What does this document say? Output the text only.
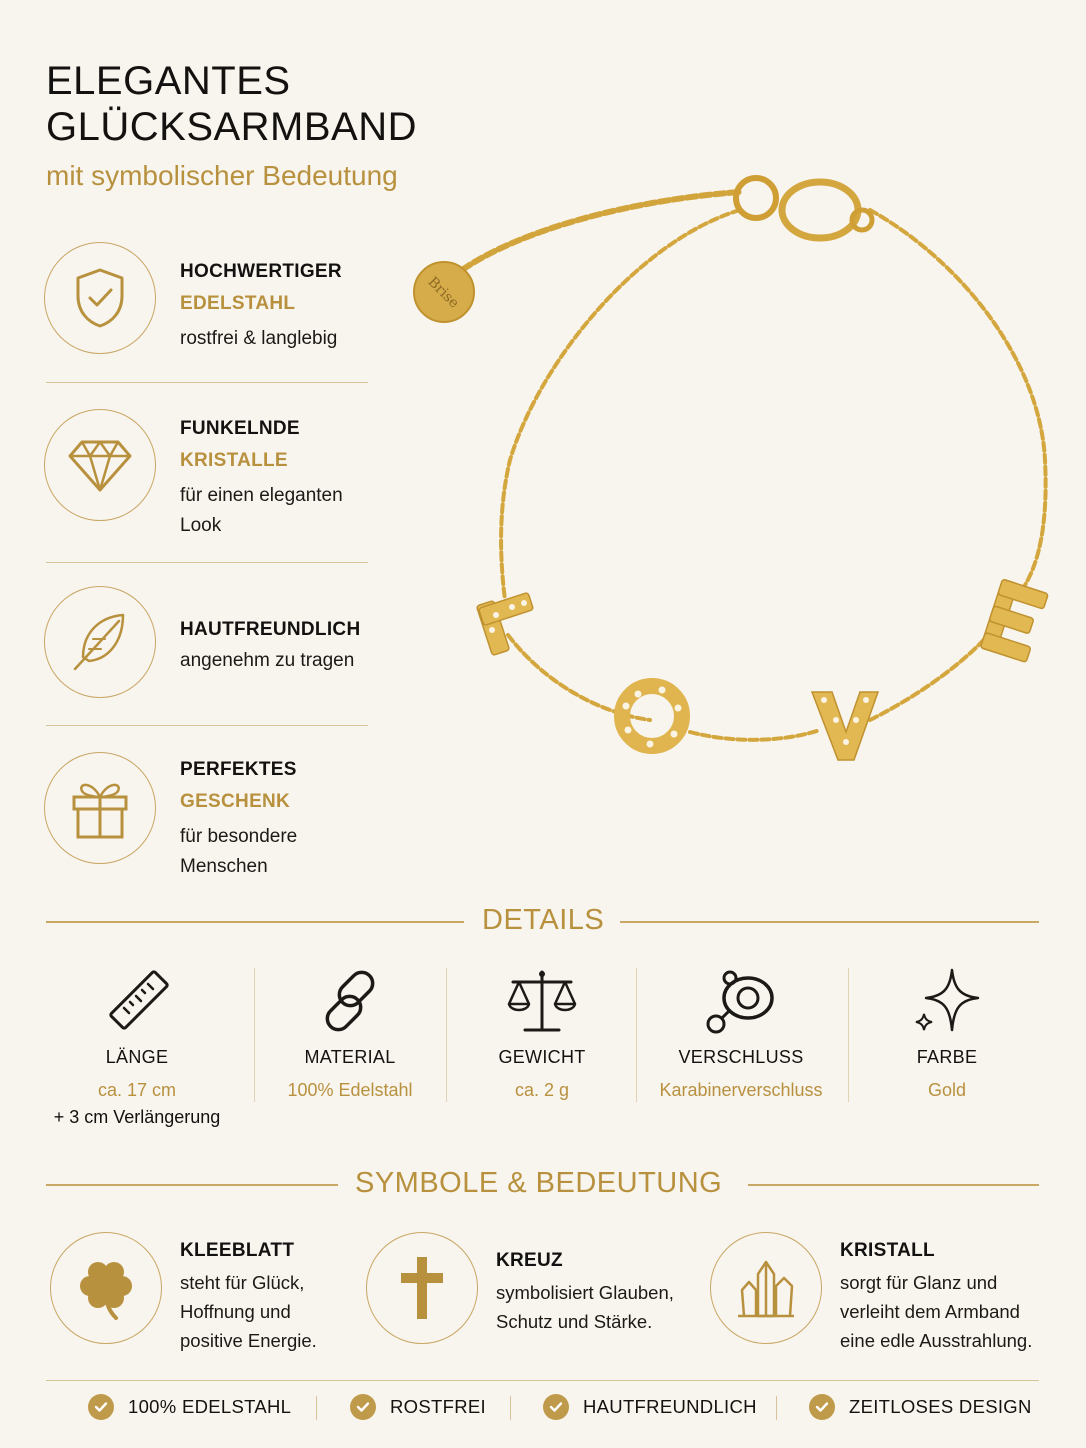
ELEGANTES
GLÜCKSARMBAND
mit symbolischer Bedeutung
HOCHWERTIGER
EDELSTAHL
rostfrei & langlebig
FUNKELNDE
KRISTALLE
für einen eleganten
Look
HAUTFREUNDLICH
angenehm zu tragen
PERFEKTES
GESCHENK
für besondere
Menschen
Brise
DETAILS
LÄNGE
ca. 17 cm
+ 3 cm Verlängerung
MATERIAL
100% Edelstahl
GEWICHT
ca. 2 g
VERSCHLUSS
Karabinerverschluss
FARBE
Gold
SYMBOLE & BEDEUTUNG
KLEEBLATT
steht für Glück,
Hoffnung und
positive Energie.
KREUZ
symbolisiert Glauben,
Schutz und Stärke.
KRISTALL
sorgt für Glanz und
verleiht dem Armband
eine edle Ausstrahlung.
100% EDELSTAHL	ROSTFREI	HAUTFREUNDLICH	ZEITLOSES DESIGN
